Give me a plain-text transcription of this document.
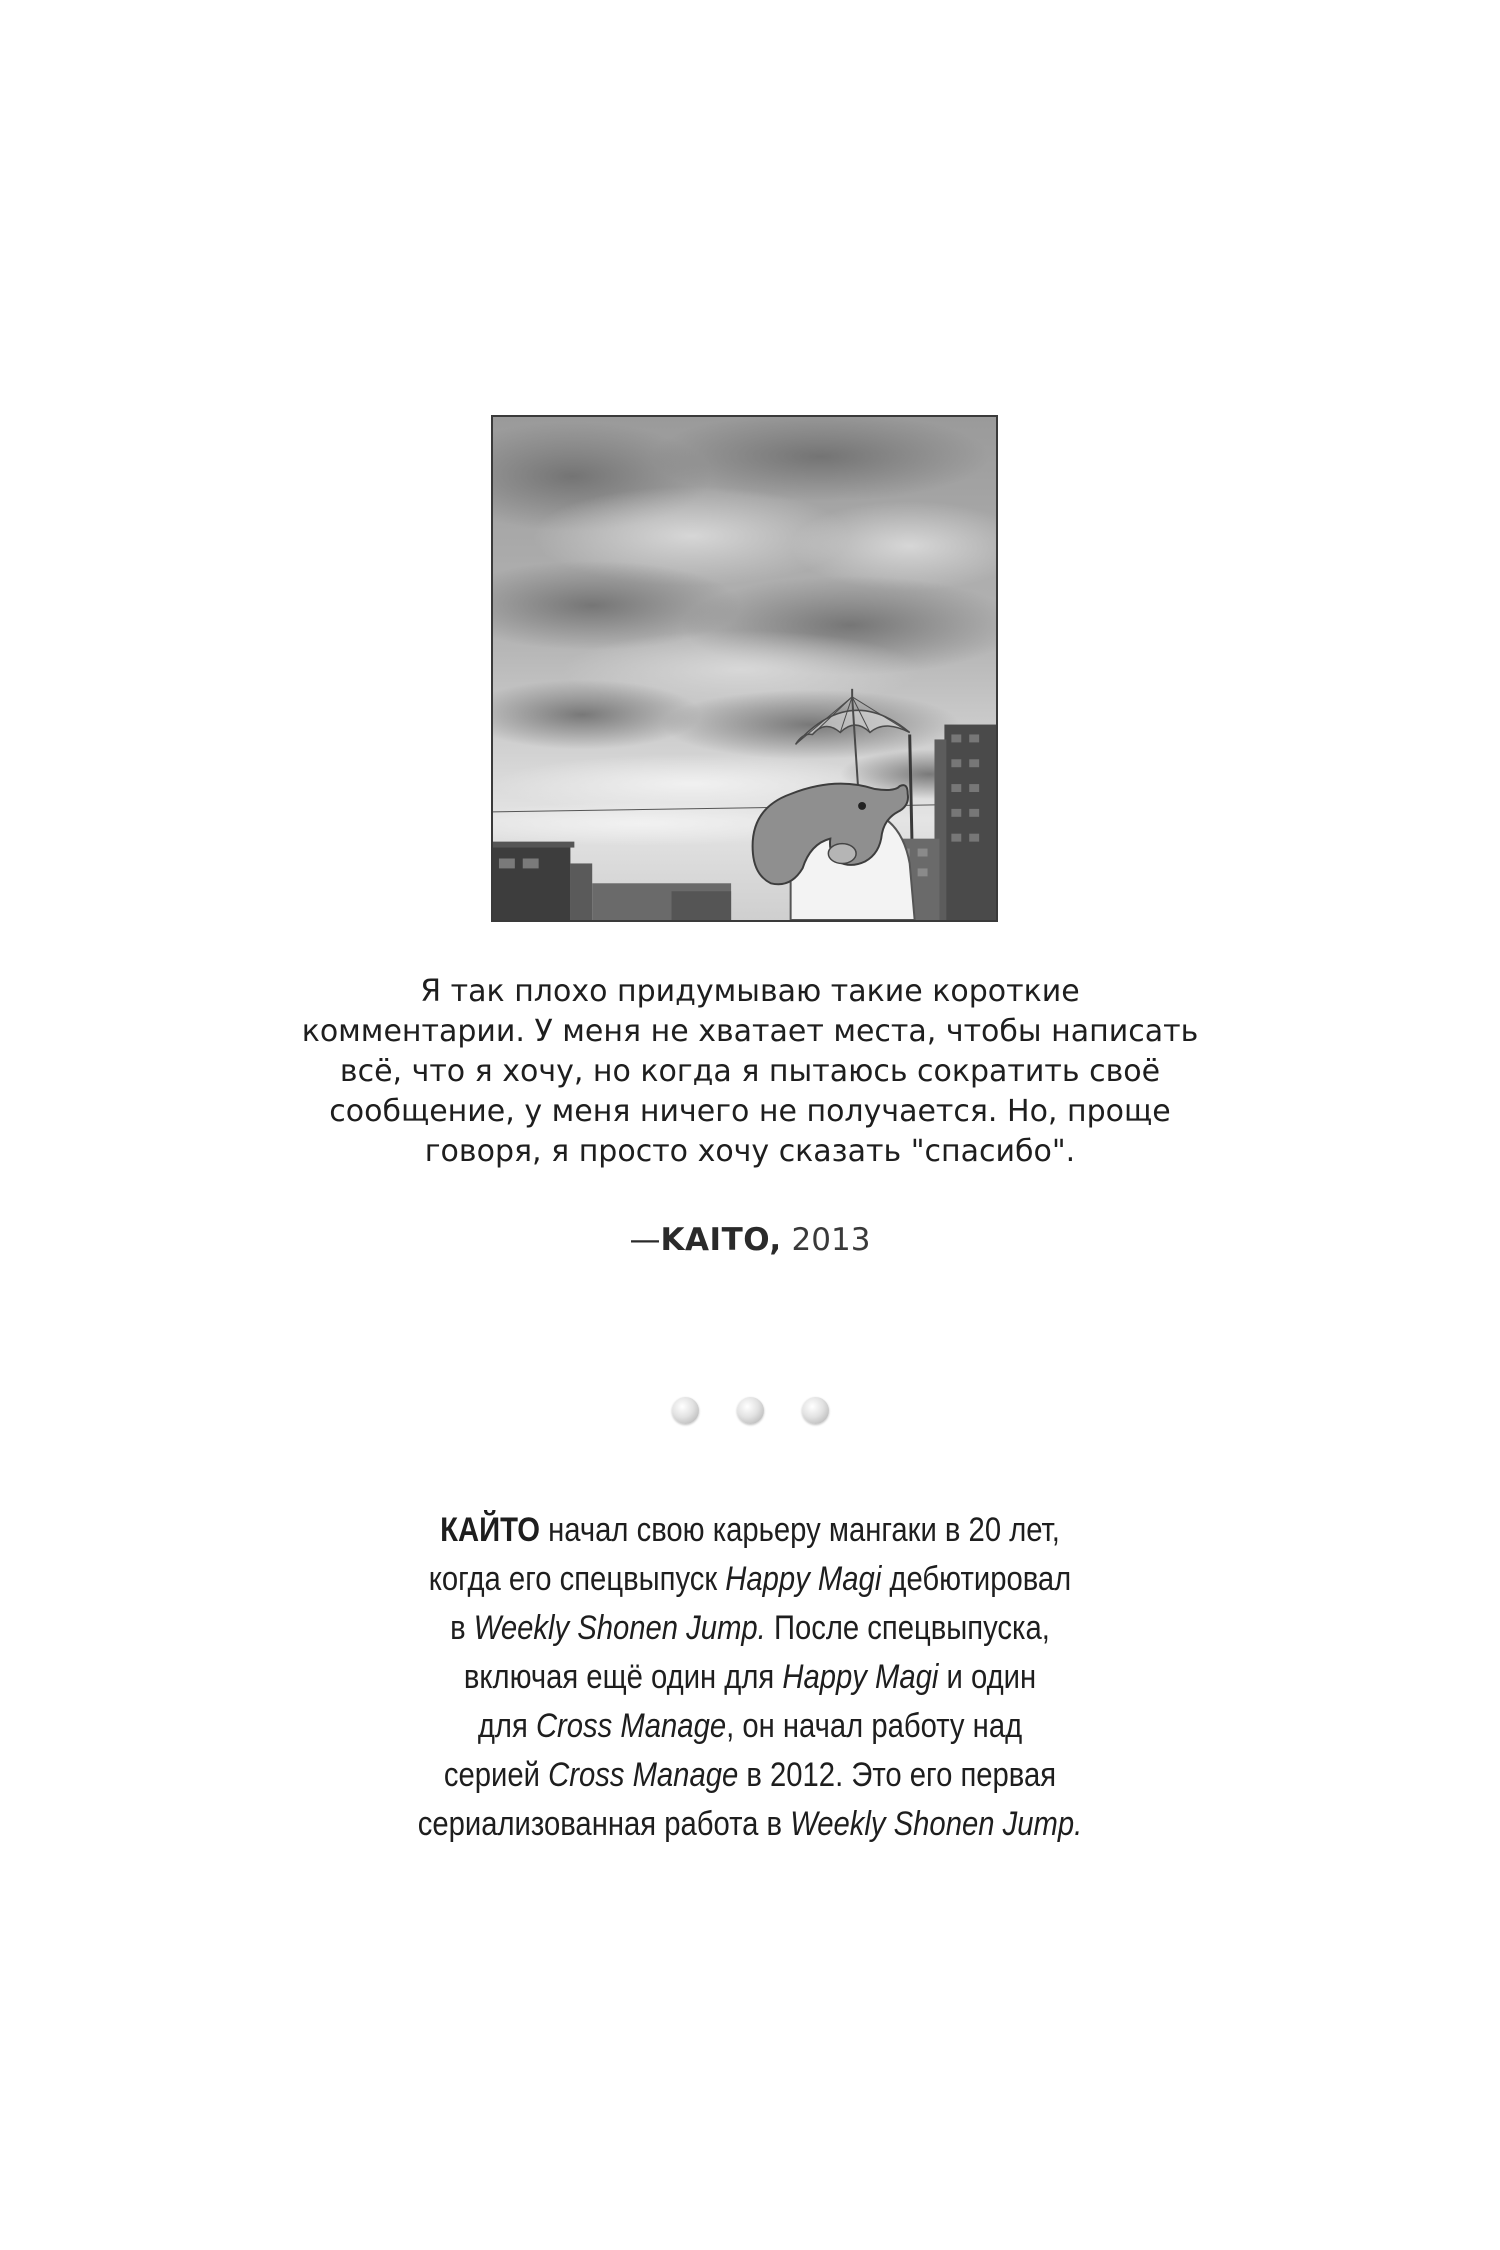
Я так плохо придумываю такие короткие
комментарии. У меня не хватает места, чтобы написать
всё, что я хочу, но когда я пытаюсь сократить своё
сообщение, у меня ничего не получается. Но, проще
говоря, я просто хочу сказать "спасибо".
—KAITO, 2013
КАЙТО начал свою карьеру мангаки в 20 лет,
когда его спецвыпуск Happy Magi дебютировал
в Weekly Shonen Jump. После спецвыпуска,
включая ещё один для Happy Magi и один
для Cross Manage, он начал работу над
серией Cross Manage в 2012. Это его первая
сериализованная работа в Weekly Shonen Jump.
